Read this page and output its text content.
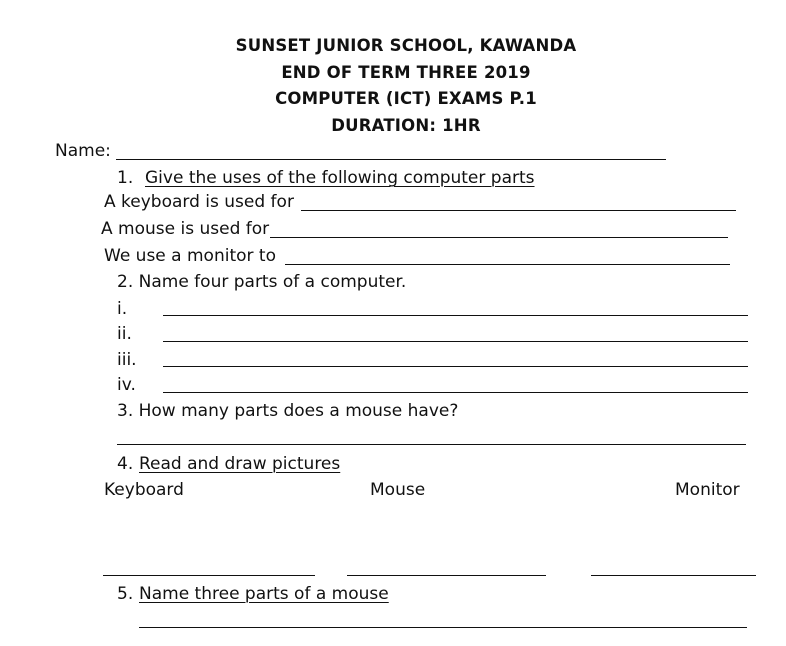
SUNSET JUNIOR SCHOOL, KAWANDA
END OF TERM THREE 2019
COMPUTER (ICT) EXAMS P.1
DURATION: 1HR
Name:
1. Give the uses of the following computer parts
A keyboard is used for
A mouse is used for
We use a monitor to
2. Name four parts of a computer.
i.
ii.
iii.
iv.
3. How many parts does a mouse have?
4. Read and draw pictures
Keyboard	Mouse	Monitor
5. Name three parts of a mouse
